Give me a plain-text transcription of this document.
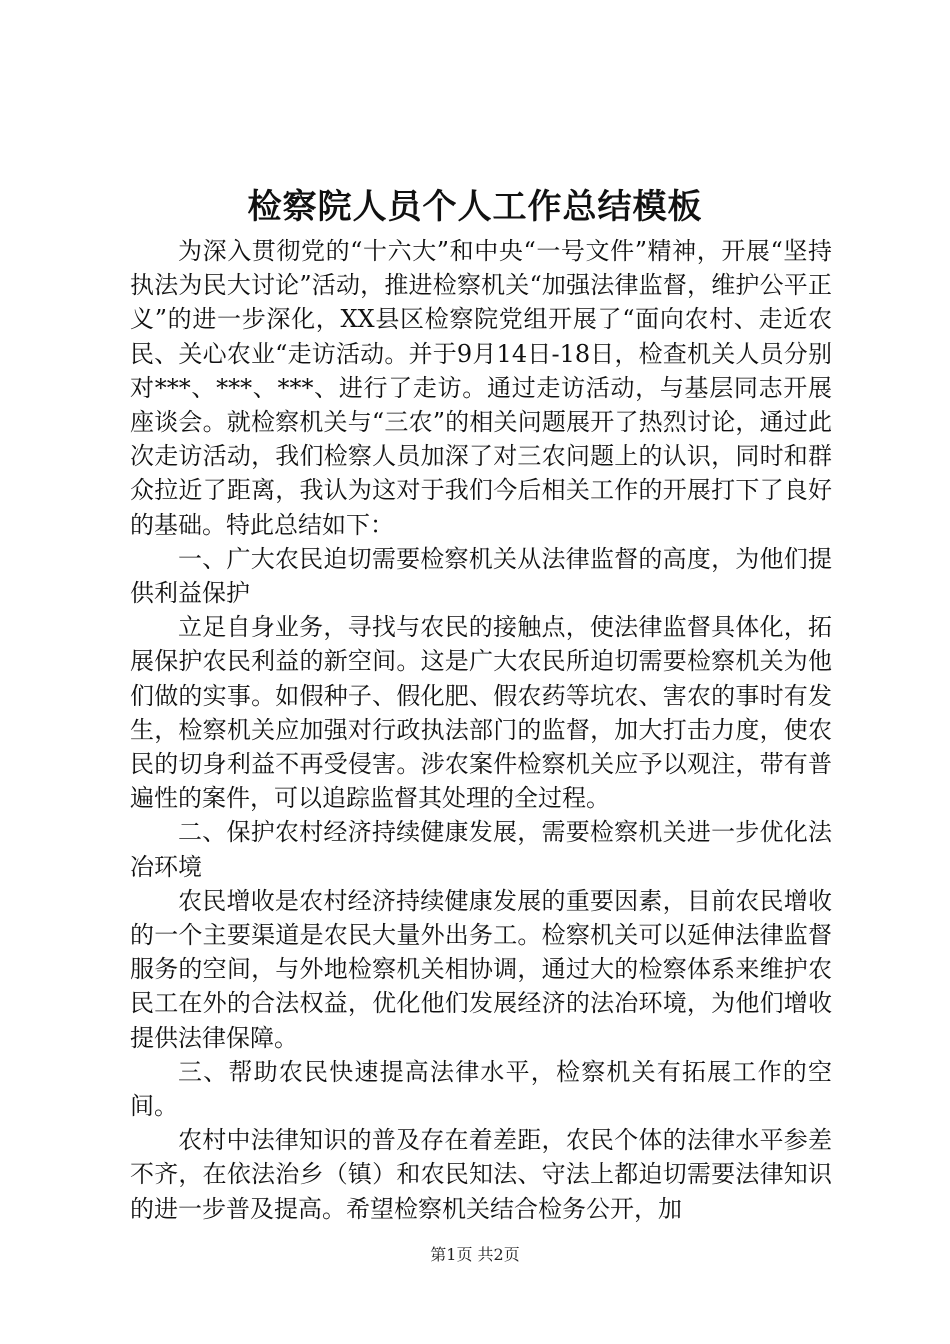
检察院人员个人工作总结模板

为深入贯彻党的“十六大”和中央“一号文件”精神，开展“坚持执法为民大讨论”活动，推进检察机关“加强法律监督，维护公平正义”的进一步深化，XX县区检察院党组开展了“面向农村、走近农民、关心农业“走访活动。并于9月14日-18日，检查机关人员分别对***、***、***、进行了走访。通过走访活动，与基层同志开展座谈会。就检察机关与“三农”的相关问题展开了热烈讨论，通过此次走访活动，我们检察人员加深了对三农问题上的认识，同时和群众拉近了距离，我认为这对于我们今后相关工作的开展打下了良好的基础。特此总结如下：

一、广大农民迫切需要检察机关从法律监督的高度，为他们提供利益保护

立足自身业务，寻找与农民的接触点，使法律监督具体化，拓展保护农民利益的新空间。这是广大农民所迫切需要检察机关为他们做的实事。如假种子、假化肥、假农药等坑农、害农的事时有发生，检察机关应加强对行政执法部门的监督，加大打击力度，使农民的切身利益不再受侵害。涉农案件检察机关应予以观注，带有普遍性的案件，可以追踪监督其处理的全过程。

二、保护农村经济持续健康发展，需要检察机关进一步优化法冶环境

农民增收是农村经济持续健康发展的重要因素，目前农民增收的一个主要渠道是农民大量外出务工。检察机关可以延伸法律监督服务的空间，与外地检察机关相协调，通过大的检察体系来维护农民工在外的合法权益，优化他们发展经济的法冶环境，为他们增收提供法律保障。

三、帮助农民快速提高法律水平，检察机关有拓展工作的空间。

农村中法律知识的普及存在着差距，农民个体的法律水平参差不齐，在依法治乡（镇）和农民知法、守法上都迫切需要法律知识的进一步普及提高。希望检察机关结合检务公开，加

第1页 共2页
